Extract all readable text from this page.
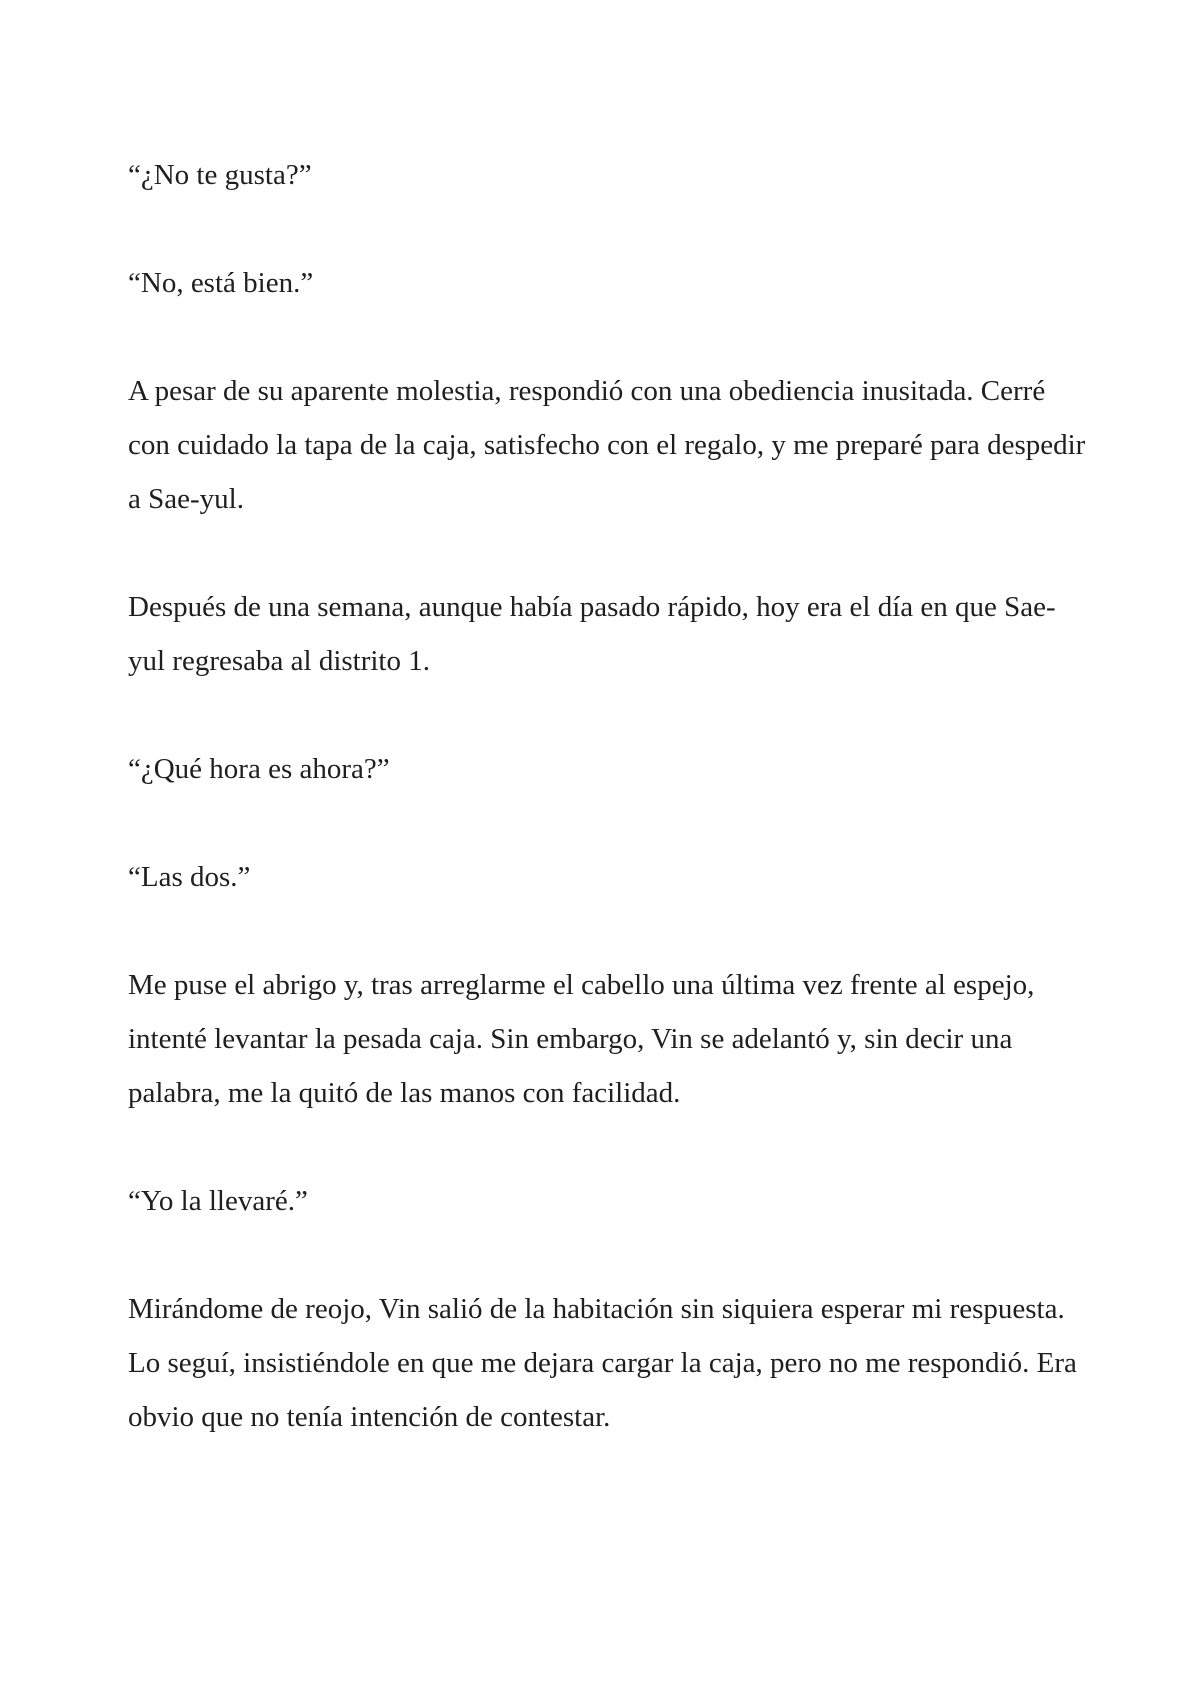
“¿No te gusta?”

“No, está bien.”

A pesar de su aparente molestia, respondió con una obediencia inusitada. Cerré con cuidado la tapa de la caja, satisfecho con el regalo, y me preparé para despedir a Sae-yul.

Después de una semana, aunque había pasado rápido, hoy era el día en que Sae-yul regresaba al distrito 1.

“¿Qué hora es ahora?”

“Las dos.”

Me puse el abrigo y, tras arreglarme el cabello una última vez frente al espejo, intenté levantar la pesada caja. Sin embargo, Vin se adelantó y, sin decir una palabra, me la quitó de las manos con facilidad.

“Yo la llevaré.”

Mirándome de reojo, Vin salió de la habitación sin siquiera esperar mi respuesta. Lo seguí, insistiéndole en que me dejara cargar la caja, pero no me respondió. Era obvio que no tenía intención de contestar.
